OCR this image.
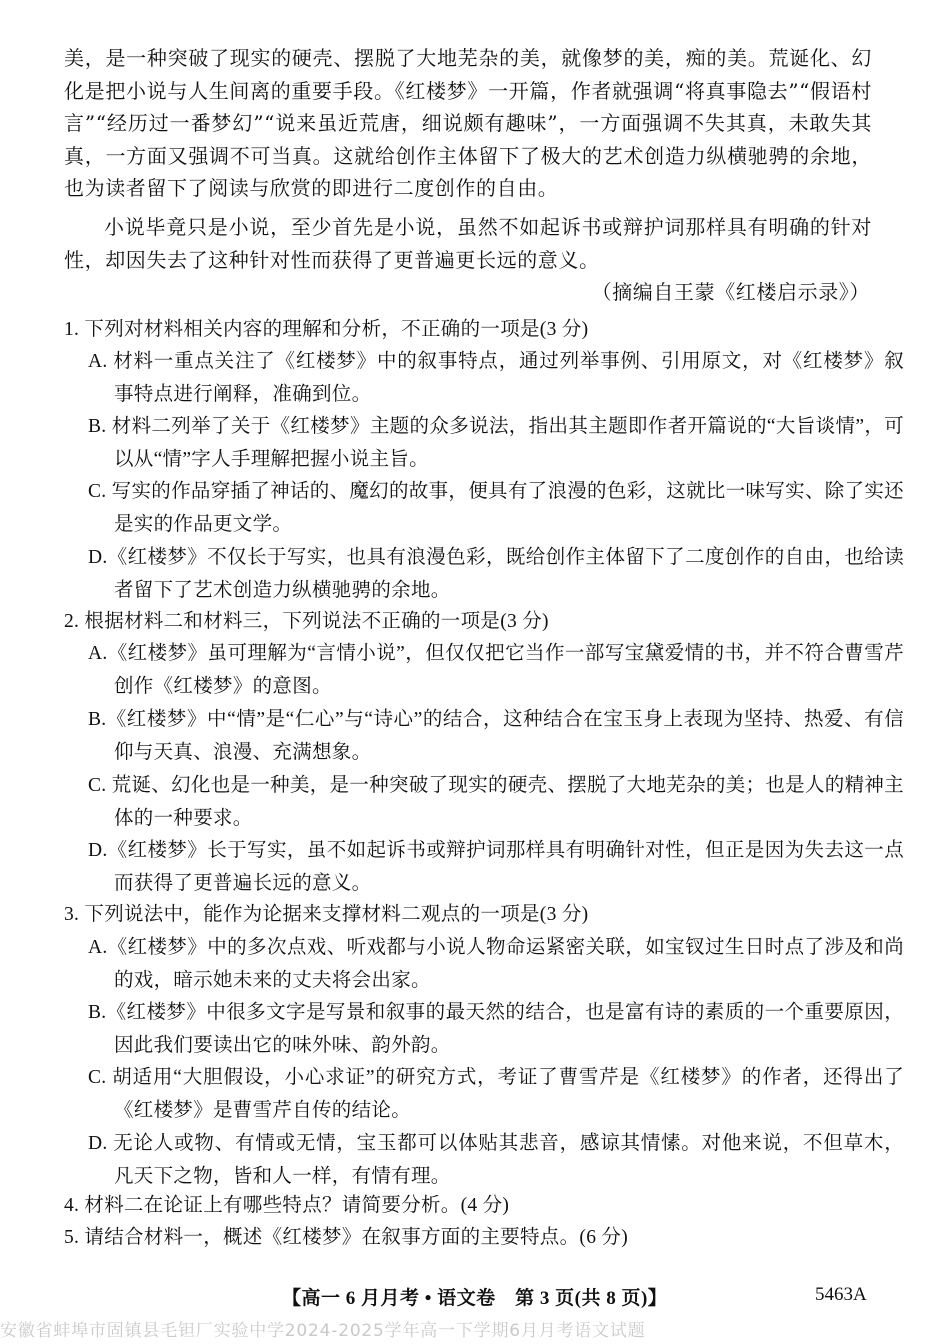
美，是一种突破了现实的硬壳、摆脱了大地芜杂的美，就像梦的美，痴的美。荒诞化、幻化是把小说与人生间离的重要手段。《红楼梦》一开篇，作者就强调“将真事隐去”“假语村言”“经历过一番梦幻”“说来虽近荒唐，细说颇有趣味”，一方面强调不失其真，未敢失其真，一方面又强调不可当真。这就给创作主体留下了极大的艺术创造力纵横驰骋的余地，也为读者留下了阅读与欣赏的即进行二度创作的自由。

小说毕竟只是小说，至少首先是小说，虽然不如起诉书或辩护词那样具有明确的针对性，却因失去了这种针对性而获得了更普遍更长远的意义。

（摘编自王蒙《红楼启示录》）
1. 下列对材料相关内容的理解和分析，不正确的一项是(3 分)
A. 材料一重点关注了《红楼梦》中的叙事特点，通过列举事例、引用原文，对《红楼梦》叙事特点进行阐释，准确到位。
B. 材料二列举了关于《红楼梦》主题的众多说法，指出其主题即作者开篇说的“大旨谈情”，可以从“情”字人手理解把握小说主旨。
C. 写实的作品穿插了神话的、魔幻的故事，便具有了浪漫的色彩，这就比一味写实、除了实还是实的作品更文学。
D.《红楼梦》不仅长于写实，也具有浪漫色彩，既给创作主体留下了二度创作的自由，也给读者留下了艺术创造力纵横驰骋的余地。
2. 根据材料二和材料三，下列说法不正确的一项是(3 分)
A.《红楼梦》虽可理解为“言情小说”，但仅仅把它当作一部写宝黛爱情的书，并不符合曹雪芹创作《红楼梦》的意图。
B.《红楼梦》中“情”是“仁心”与“诗心”的结合，这种结合在宝玉身上表现为坚持、热爱、有信仰与天真、浪漫、充满想象。
C. 荒诞、幻化也是一种美，是一种突破了现实的硬壳、摆脱了大地芜杂的美；也是人的精神主体的一种要求。
D.《红楼梦》长于写实，虽不如起诉书或辩护词那样具有明确针对性，但正是因为失去这一点而获得了更普遍长远的意义。
3. 下列说法中，能作为论据来支撑材料二观点的一项是(3 分)
A.《红楼梦》中的多次点戏、听戏都与小说人物命运紧密关联，如宝钗过生日时点了涉及和尚的戏，暗示她未来的丈夫将会出家。
B.《红楼梦》中很多文字是写景和叙事的最天然的结合，也是富有诗的素质的一个重要原因，因此我们要读出它的味外味、韵外韵。
C. 胡适用“大胆假设，小心求证”的研究方式，考证了曹雪芹是《红楼梦》的作者，还得出了《红楼梦》是曹雪芹自传的结论。
D. 无论人或物、有情或无情，宝玉都可以体贴其悲音，感谅其情愫。对他来说，不但草木，凡天下之物，皆和人一样，有情有理。
4. 材料二在论证上有哪些特点？请简要分析。(4 分)
5. 请结合材料一，概述《红楼梦》在叙事方面的主要特点。(6 分)
【高一 6 月月考 • 语文卷　第 3 页(共 8 页)】	5463A
安徽省蚌埠市固镇县毛钽厂实验中学2024-2025学年高一下学期6月月考语文试题
